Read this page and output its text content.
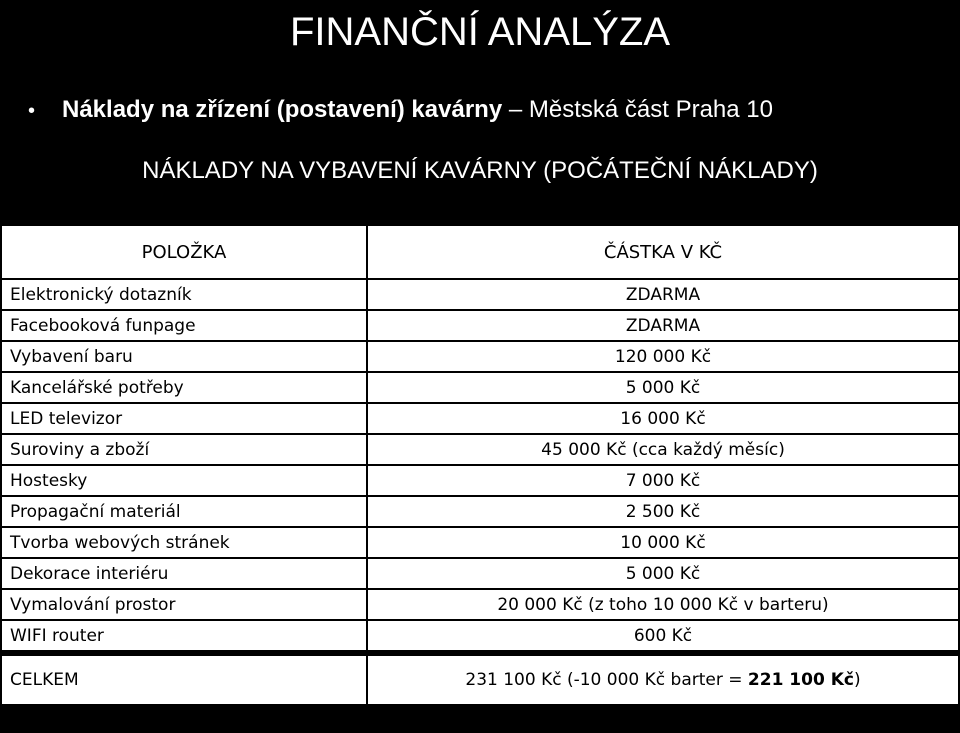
FINANČNÍ ANALÝZA
• Náklady na zřízení (postavení) kavárny – Městská část Praha 10
NÁKLADY NA VYBAVENÍ KAVÁRNY (POČÁTEČNÍ NÁKLADY)
POLOŽKA	ČÁSTKA V KČ
Elektronický dotazník	ZDARMA
Facebooková funpage	ZDARMA
Vybavení baru	120 000 Kč
Kancelářské potřeby	5 000 Kč
LED televizor	16 000 Kč
Suroviny a zboží	45 000 Kč (cca každý měsíc)
Hostesky	7 000 Kč
Propagační materiál	2 500 Kč
Tvorba webových stránek	10 000 Kč
Dekorace interiéru	5 000 Kč
Vymalování prostor	20 000 Kč (z toho 10 000 Kč v barteru)
WIFI router	600 Kč
CELKEM	231 100 Kč (-10 000 Kč barter = 221 100 Kč)
